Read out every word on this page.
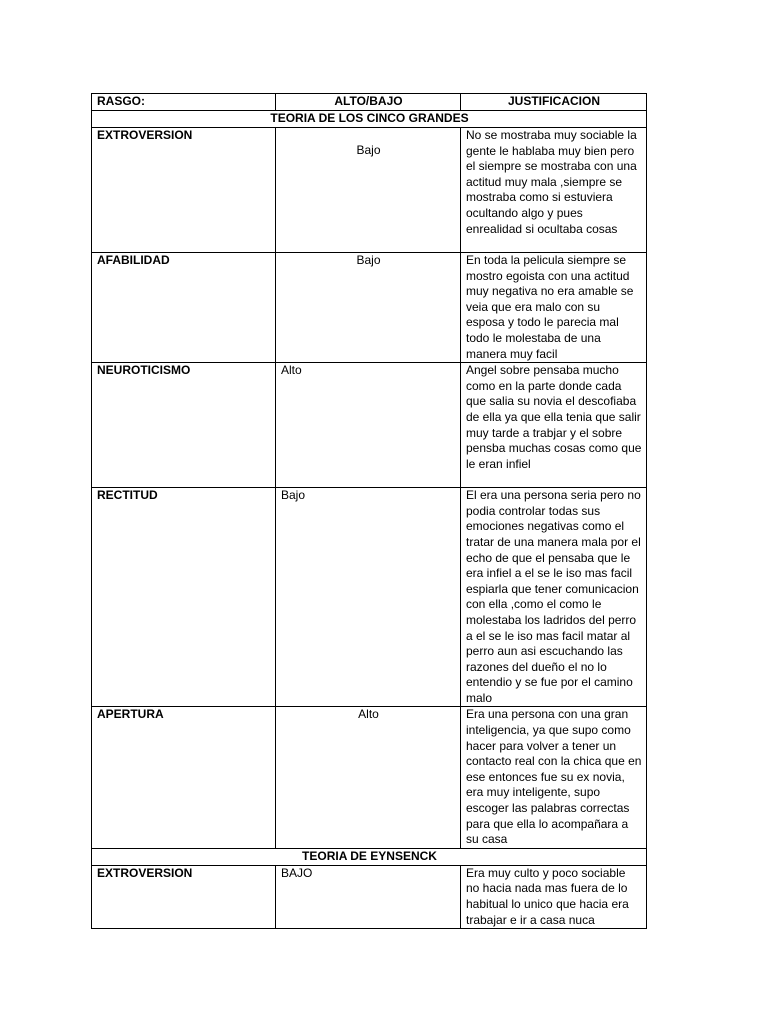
RASGO:	ALTO/BAJO	JUSTIFICACION
TEORIA DE LOS CINCO GRANDES		
EXTROVERSION	Bajo	No se mostraba muy sociable la gente le hablaba muy bien pero el siempre se mostraba con una actitud muy mala ,siempre se mostraba como si estuviera ocultando algo y pues enrealidad si ocultaba cosas
AFABILIDAD	Bajo	En toda la pelicula siempre se mostro egoista con una actitud muy negativa no era amable se veia que era malo con su esposa y todo le parecia mal todo le molestaba de una manera muy facil
NEUROTICISMO	Alto	Angel sobre pensaba mucho como en la parte donde cada que salia su novia el descofiaba de ella ya que ella tenia que salir muy tarde a trabjar y el sobre pensba muchas cosas como que le eran infiel
RECTITUD	Bajo	El era una persona seria pero no podia controlar todas sus emociones negativas como el tratar de una manera mala por el echo de que el pensaba que le era infiel a el se le iso mas facil espiarla que tener comunicacion con ella ,como el como le molestaba los ladridos del perro a el se le iso mas facil matar al perro aun asi escuchando las razones del dueño el no lo entendio y se fue por el camino malo
APERTURA	Alto	Era una persona con una gran inteligencia, ya que supo como hacer para volver a tener un contacto real con la chica que en ese entonces fue su ex novia, era muy inteligente, supo escoger las palabras correctas para que ella lo acompañara a su casa
TEORIA DE EYNSENCK		
EXTROVERSION	BAJO	Era muy culto y poco sociable no hacia nada mas fuera de lo habitual lo unico que hacia era trabajar e ir a casa nuca
